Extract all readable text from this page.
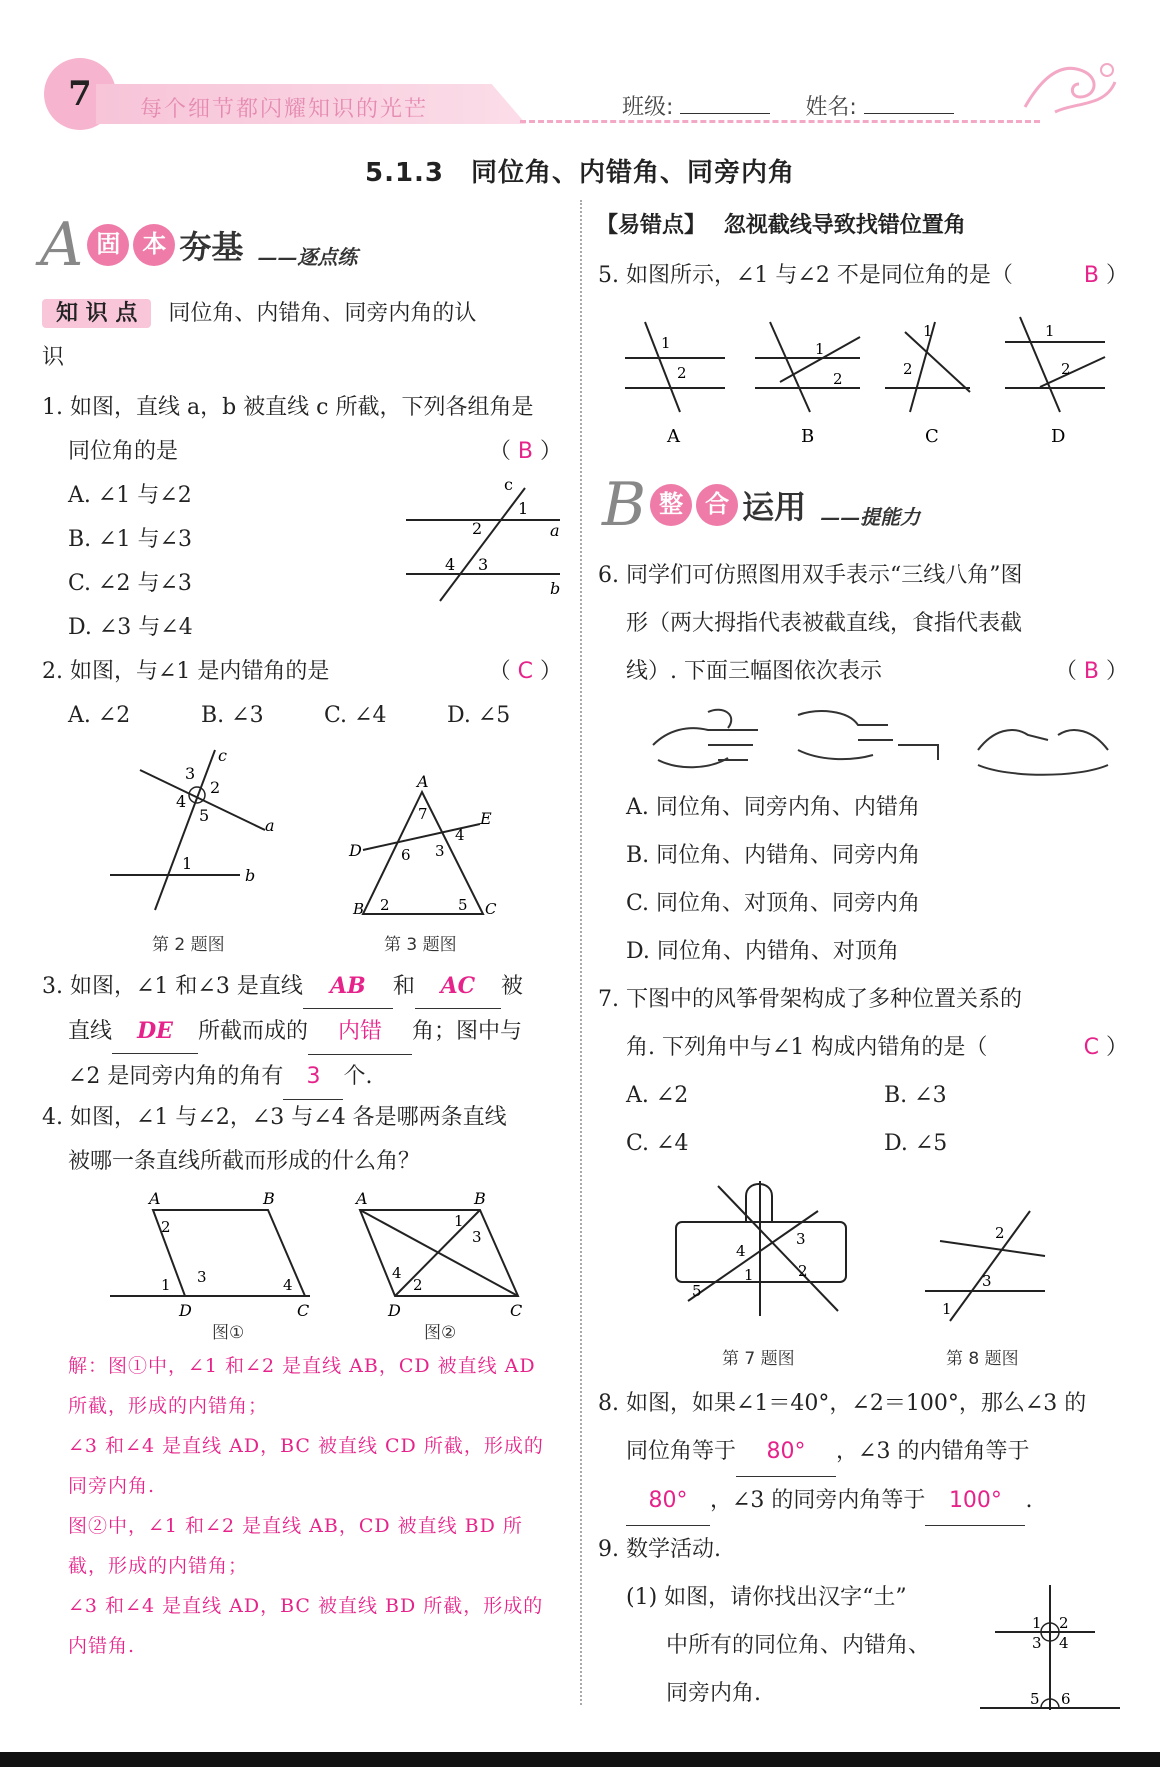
7	每个细节都闪耀知识的光芒	班级:	姓名:
5.1.3　同位角、内错角、同旁内角
A 固 本 夯基 ——逐点练
知 识 点 同位角、内错角、同旁内角的认
识
1. 如图，直线 a，b 被直线 c 所截，下列各组角是
同位角的是	（ B ）
A. ∠1 与∠2
B. ∠1 与∠3
C. ∠2 与∠3
D. ∠3 与∠4
c
1
2	a
4 3
b
2. 如图，与∠1 是内错角的是	（ C ）
A. ∠2	B. ∠3	C. ∠4	D. ∠5
c
3
2
4
5
a
1
b
第 2 题图
A
7	E
D	6 3
4
2	5
B	C
第 3 题图
3. 如图，∠1 和∠3 是直线 AB 和 AC 被
直线 DE 所截而成的 内错 角；图中与
∠2 是同旁内角的角有 3 个.
4. 如图，∠1 与∠2，∠3 与∠4 各是哪两条直线
被哪一条直线所截而形成的什么角？
A	B
2
3
1	4
D	C
图①
A	B
1
3
4
2
D	C
图②
解：图①中，∠1 和∠2 是直线 AB，CD 被直线 AD
所截，形成的内错角；
∠3 和∠4 是直线 AD，BC 被直线 CD 所截，形成的
同旁内角.
图②中，∠1 和∠2 是直线 AB，CD 被直线 BD 所
截，形成的内错角；
∠3 和∠4 是直线 AD，BC 被直线 BD 所截，形成的
内错角.
【易错点】 忽视截线导致找错位置角
5. 如图所示，∠1 与∠2 不是同位角的是（	B ）
1
2
A
1
2
B
1
2
C
1
2
D
B 整 合 运用 ——提能力
6. 同学们可仿照图用双手表示“三线八角”图
形（两大拇指代表被截直线，食指代表截
线）. 下面三幅图依次表示	（ B ）
A. 同位角、同旁内角、内错角
B. 同位角、内错角、同旁内角
C. 同位角、对顶角、同旁内角
D. 同位角、内错角、对顶角
7. 下图中的风筝骨架构成了多种位置关系的
角. 下列角中与∠1 构成内错角的是（	C ）
A. ∠2	B. ∠3
C. ∠4	D. ∠5
4
3
1	2
5
第 7 题图
2
3
1
第 8 题图
8. 如图，如果∠1＝40°，∠2＝100°，那么∠3 的
同位角等于 80° ，∠3 的内错角等于
80° ，∠3 的同旁内角等于 100° .
9. 数学活动.
(1) 如图，请你找出汉字“土”
中所有的同位角、内错角、
同旁内角.
1 2
3 4
5 6
